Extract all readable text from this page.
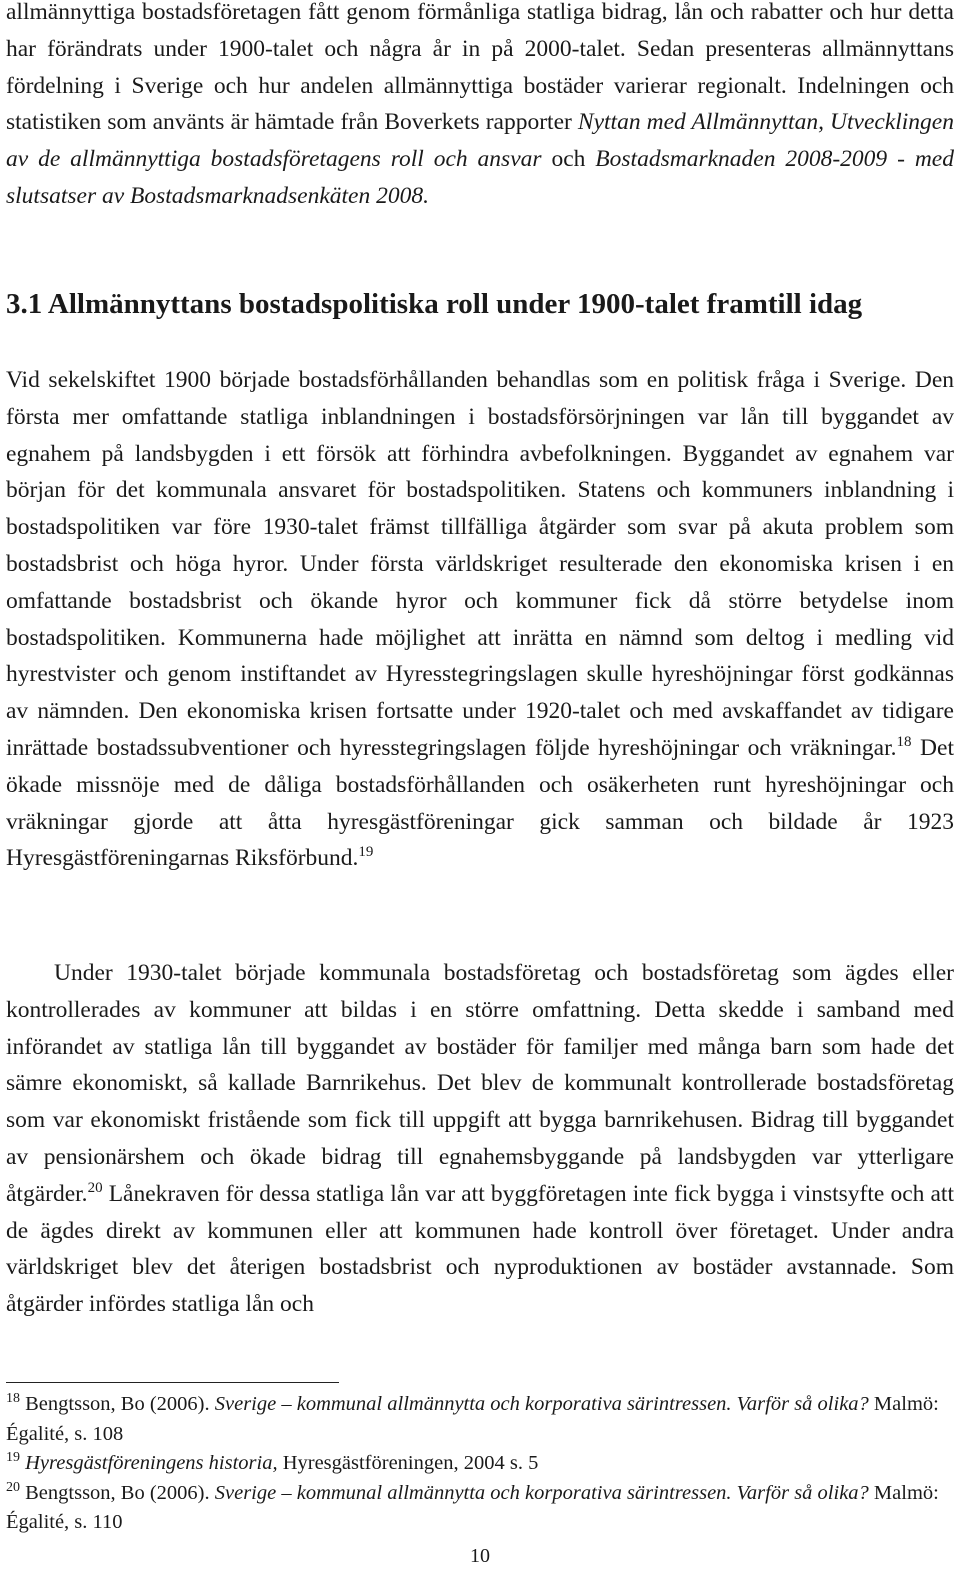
allmännyttiga bostadsföretagen fått genom förmånliga statliga bidrag, lån och rabatter och hur detta har förändrats under 1900-talet och några år in på 2000-talet. Sedan presenteras allmännyttans fördelning i Sverige och hur andelen allmännyttiga bostäder varierar regionalt. Indelningen och statistiken som använts är hämtade från Boverkets rapporter Nyttan med Allmännyttan, Utvecklingen av de allmännyttiga bostadsföretagens roll och ansvar och Bostadsmarknaden 2008-2009 - med slutsatser av Bostadsmarknadsenkäten 2008.

3.1 Allmännyttans bostadspolitiska roll under 1900-talet framtill idag

Vid sekelskiftet 1900 började bostadsförhållanden behandlas som en politisk fråga i Sverige. Den första mer omfattande statliga inblandningen i bostadsförsörjningen var lån till byggandet av egnahem på landsbygden i ett försök att förhindra avbefolkningen. Byggandet av egnahem var början för det kommunala ansvaret för bostadspolitiken. Statens och kommuners inblandning i bostadspolitiken var före 1930-talet främst tillfälliga åtgärder som svar på akuta problem som bostadsbrist och höga hyror. Under första världskriget resulterade den ekonomiska krisen i en omfattande bostadsbrist och ökande hyror och kommuner fick då större betydelse inom bostadspolitiken. Kommunerna hade möjlighet att inrätta en nämnd som deltog i medling vid hyrestvister och genom instiftandet av Hyresstegringslagen skulle hyreshöjningar först godkännas av nämnden. Den ekonomiska krisen fortsatte under 1920-talet och med avskaffandet av tidigare inrättade bostadssubventioner och hyresstegringslagen följde hyreshöjningar och vräkningar.$^{18}$ Det ökade missnöje med de dåliga bostadsförhållanden och osäkerheten runt hyreshöjningar och vräkningar gjorde att åtta hyresgästföreningar gick samman och bildade år 1923 Hyresgästföreningarnas Riksförbund.$^{19}$

Under 1930-talet började kommunala bostadsföretag och bostadsföretag som ägdes eller kontrollerades av kommuner att bildas i en större omfattning. Detta skedde i samband med införandet av statliga lån till byggandet av bostäder för familjer med många barn som hade det sämre ekonomiskt, så kallade Barnrikehus. Det blev de kommunalt kontrollerade bostadsföretag som var ekonomiskt fristående som fick till uppgift att bygga barnrikehusen. Bidrag till byggandet av pensionärshem och ökade bidrag till egnahemsbyggande på landsbygden var ytterligare åtgärder.$^{20}$ Lånekraven för dessa statliga lån var att byggföretagen inte fick bygga i vinstsyfte och att de ägdes direkt av kommunen eller att kommunen hade kontroll över företaget. Under andra världskriget blev det återigen bostadsbrist och nyproduktionen av bostäder avstannade. Som åtgärder infördes statliga lån och

$^{18}$ Bengtsson, Bo (2006). Sverige – kommunal allmännytta och korporativa särintressen. Varför så olika? Malmö: Égalité, s. 108

$^{19}$ Hyresgästföreningens historia, Hyresgästföreningen, 2004 s. 5

$^{20}$ Bengtsson, Bo (2006). Sverige – kommunal allmännytta och korporativa särintressen. Varför så olika? Malmö: Égalité, s. 110

10
